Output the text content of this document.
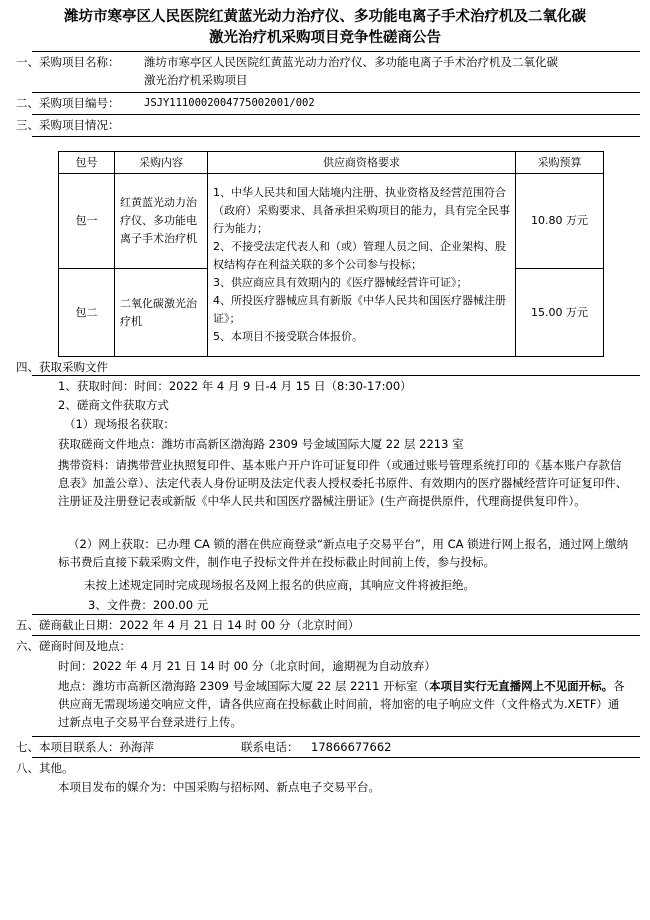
潍坊市寒亭区人民医院红黄蓝光动力治疗仪、多功能电离子手术治疗机及二氧化碳
激光治疗机采购项目竞争性磋商公告
一、采购项目名称： 潍坊市寒亭区人民医院红黄蓝光动力治疗仪、多功能电离子手术治疗机及二氧化碳
激光治疗机采购项目
二、采购项目编号： JSJY1110002004775002001/002
三、采购项目情况：
包号	采购内容	供应商资格要求	采购预算
包一	红黄蓝光动力治疗仪、多功能电离子手术治疗机	1、中华人民共和国大陆境内注册、执业资格及经营范围符合（政府）采购要求、具备承担采购项目的能力，具有完全民事行为能力；
2、不接受法定代表人和（或）管理人员之间、企业架构、股权结构存在利益关联的多个公司参与投标；
3、供应商应具有效期内的《医疗器械经营许可证》；
4、所投医疗器械应具有新版《中华人民共和国医疗器械注册证》；
5、本项目不接受联合体报价。	10.80 万元
包二	二氧化碳激光治疗机		15.00 万元
四、获取采购文件
1、获取时间：时间：2022 年 4 月 9 日-4 月 15 日（8:30-17:00）
2、磋商文件获取方式
（1）现场报名获取：
获取磋商文件地点：潍坊市高新区渤海路 2309 号金域国际大厦 22 层 2213 室
携带资料：请携带营业执照复印件、基本账户开户许可证复印件（或通过账号管理系统打印的《基本账户存款信息表》加盖公章）、法定代表人身份证明及法定代表人授权委托书原件、有效期内的医疗器械经营许可证复印件、注册证及注册登记表或新版《中华人民共和国医疗器械注册证》(生产商提供原件，代理商提供复印件）。
（2）网上获取：已办理 CA 锁的潜在供应商登录“新点电子交易平台”，用 CA 锁进行网上报名，通过网上缴纳标书费后直接下载采购文件，制作电子投标文件并在投标截止时间前上传，参与投标。
未按上述规定同时完成现场报名及网上报名的供应商，其响应文件将被拒绝。
3、文件费：200.00 元
五、磋商截止日期：2022 年 4 月 21 日 14 时 00 分（北京时间）
六、磋商时间及地点：
时间：2022 年 4 月 21 日 14 时 00 分（北京时间，逾期视为自动放弃）
地点：潍坊市高新区渤海路 2309 号金域国际大厦 22 层 2211 开标室（本项目实行无直播网上不见面开标。各供应商无需现场递交响应文件，请各供应商在投标截止时间前，将加密的电子响应文件（文件格式为.XETF）通过新点电子交易平台登录进行上传。
七、本项目联系人：孙海萍	联系电话： 17866677662
八、其他。
本项目发布的媒介为：中国采购与招标网、新点电子交易平台。
